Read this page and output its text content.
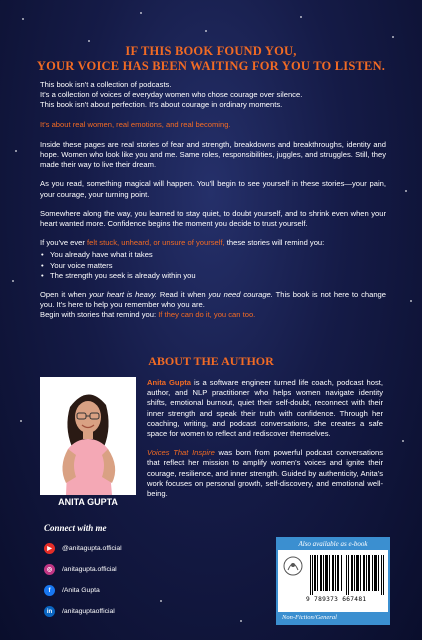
IF THIS BOOK FOUND YOU,
YOUR VOICE HAS BEEN WAITING FOR YOU TO LISTEN.

This book isn't a collection of podcasts.
It's a collection of voices of everyday women who chose courage over silence.
This book isn't about perfection. It's about courage in ordinary moments.

It's about real women, real emotions, and real becoming.

Inside these pages are real stories of fear and strength, breakdowns and breakthroughs, identity and hope. Women who look like you and me. Same roles, responsibilities, juggles, and struggles. Still, they made their way to live their dream.

As you read, something magical will happen. You'll begin to see yourself in these stories—your pain, your courage, your turning point.

Somewhere along the way, you learned to stay quiet, to doubt yourself, and to shrink even when your heart wanted more. Confidence begins the moment you decide to trust yourself.

If you've ever felt stuck, unheard, or unsure of yourself, these stories will remind you:

• You already have what it takes
• Your voice matters
• The strength you seek is already within you

Open it when your heart is heavy. Read it when you need courage. This book is not here to change you. It's here to help you remember who you are.

Begin with stories that remind you: If they can do it, you can too.

ABOUT THE AUTHOR
ANITA GUPTA

Anita Gupta is a software engineer turned life coach, podcast host, author, and NLP practitioner who helps women navigate identity shifts, emotional burnout, quiet their self-doubt, reconnect with their inner strength and speak their truth with confidence. Through her coaching, writing, and podcast conversations, she creates a safe space for women to reflect and rediscover themselves.

Voices That Inspire was born from powerful podcast conversations that reflect her mission to amplify women's voices and ignite their courage, resilience, and inner strength. Guided by authenticity, Anita's work focuses on personal growth, self-discovery, and emotional well-being.

Connect with me
▶	@anitagupta.official
◎	/anitagupta.official
f	/Anita Gupta
in	/anitaguptaofficial
Also available as e-book
9 789373 667481
Non-Fiction/General
